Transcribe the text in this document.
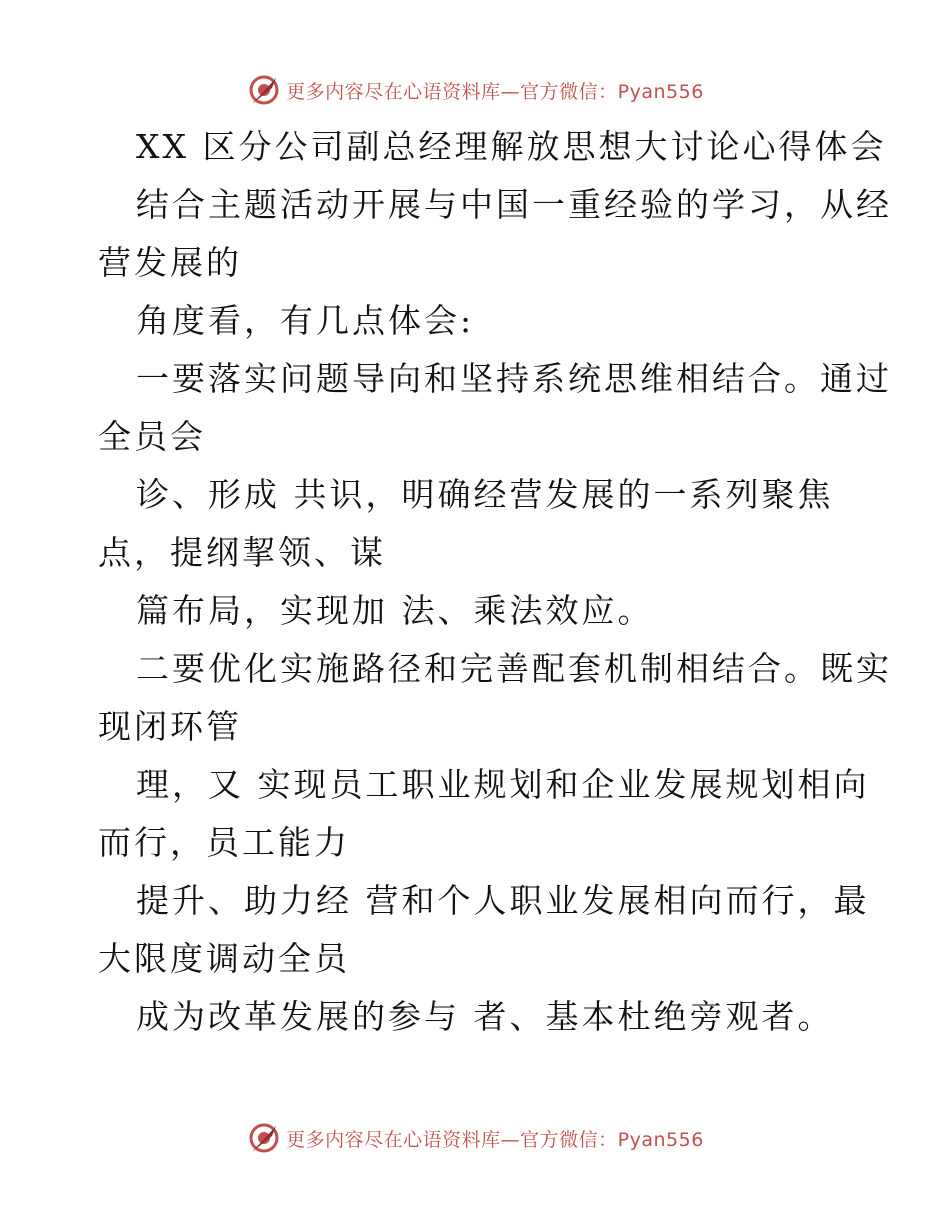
更多内容尽在心语资料库—官方微信：Pyan556
XX 区分公司副总经理解放思想大讨论心得体会
结合主题活动开展与中国一重经验的学习，从经
营发展的
角度看，有几点体会:
一要落实问题导向和坚持系统思维相结合。通过
全员会
诊、形成 共识，明确经营发展的一系列聚焦
点，提纲挈领、谋
篇布局，实现加 法、乘法效应。
二要优化实施路径和完善配套机制相结合。既实
现闭环管
理，又 实现员工职业规划和企业发展规划相向
而行，员工能力
提升、助力经 营和个人职业发展相向而行，最
大限度调动全员
成为改革发展的参与 者、基本杜绝旁观者。
更多内容尽在心语资料库—官方微信：Pyan556
